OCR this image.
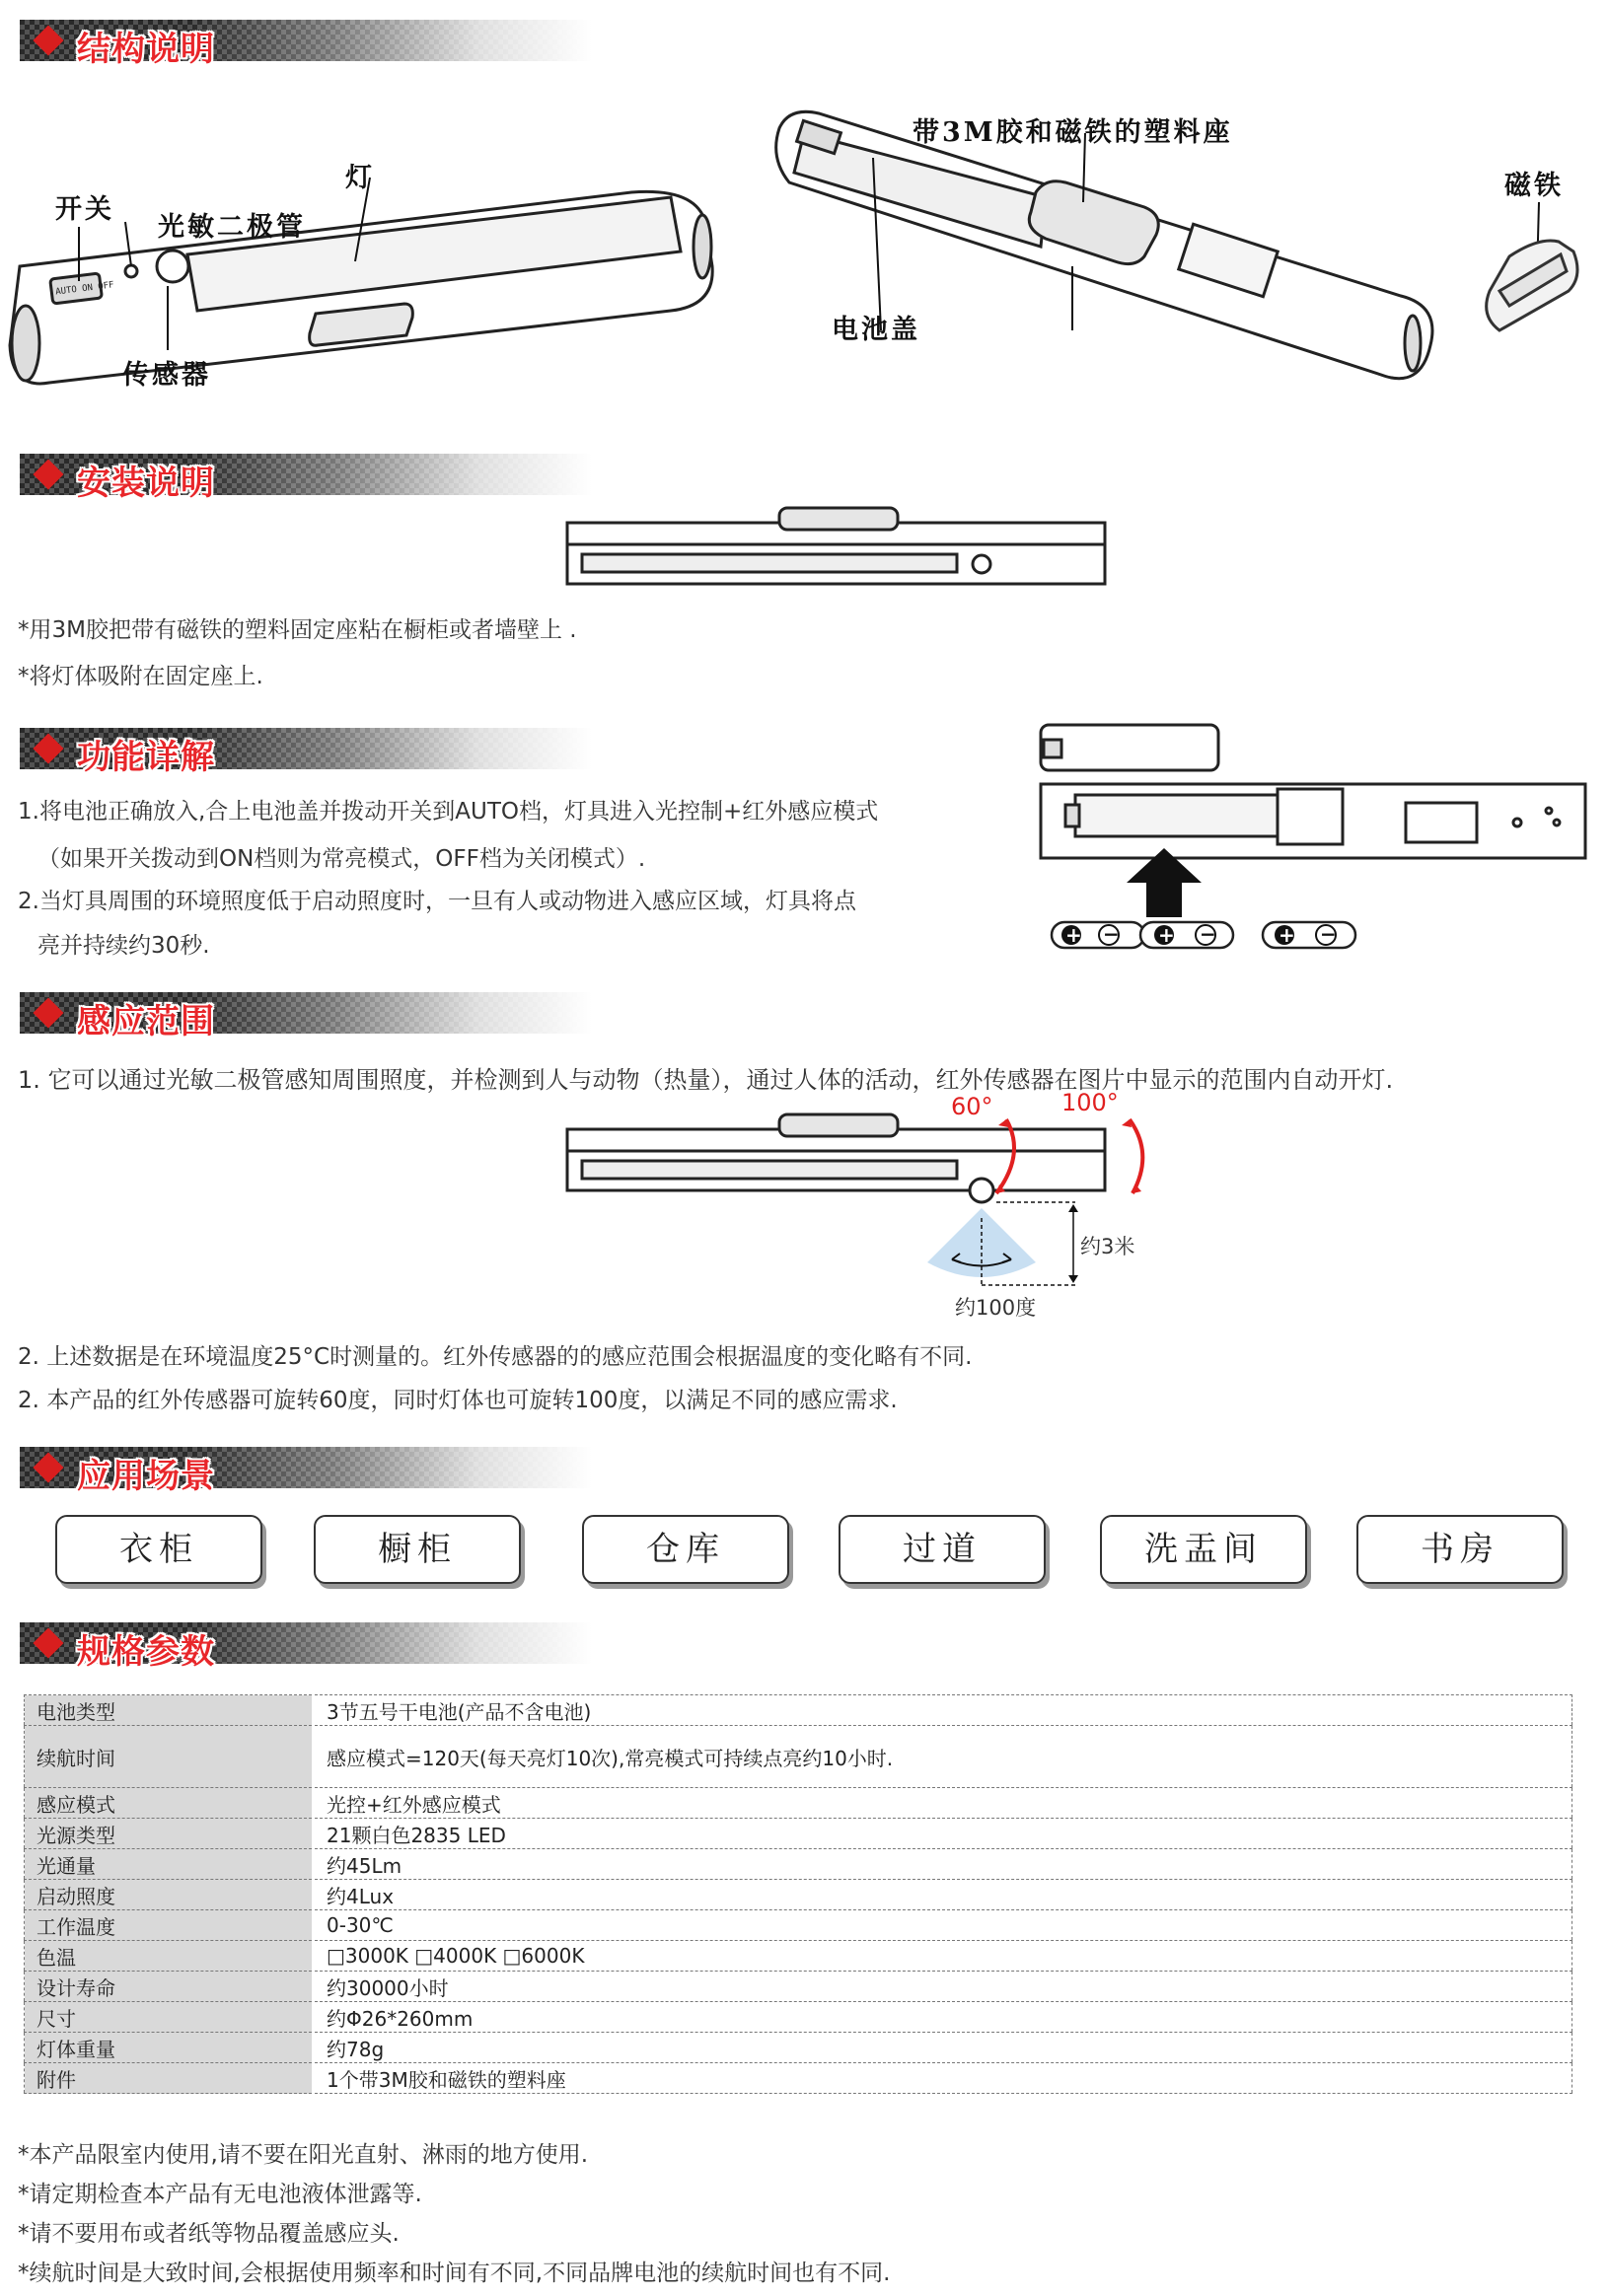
结构说明
AUTO ON OFF
开关
光敏二极管
灯
传感器
带3M胶和磁铁的塑料座
电池盖
磁铁
安装说明
*用3M胶把带有磁铁的塑料固定座粘在橱柜或者墙壁上 .
*将灯体吸附在固定座上.
功能详解
1.将电池正确放入,合上电池盖并拨动开关到AUTO档，灯具进入光控制+红外感应模式
（如果开关拨动到ON档则为常亮模式，OFF档为关闭模式）.
2.当灯具周围的环境照度低于启动照度时，一旦有人或动物进入感应区域，灯具将点
亮并持续约30秒.	+ − + −	+ −
感应范围
1. 它可以通过光敏二极管感知周围照度，并检测到人与动物（热量），通过人体的活动，红外传感器在图片中显示的范围内自动开灯.
60°	100°
约3米
约100度
2. 上述数据是在环境温度25°C时测量的。红外传感器的的感应范围会根据温度的变化略有不同.
2. 本产品的红外传感器可旋转60度，同时灯体也可旋转100度，以满足不同的感应需求.
应用场景
衣柜	橱柜	仓库	过道	洗盂间	书房
规格参数
电池类型	3节五号干电池(产品不含电池)
续航时间	感应模式=120天(每天亮灯10次),常亮模式可持续点亮约10小时.
感应模式	光控+红外感应模式
光源类型	21颗白色2835 LED
光通量	约45Lm
启动照度	约4Lux
工作温度	0-30℃
色温	□3000K □4000K □6000K
设计寿命	约30000小时
尺寸	约Φ26*260mm
灯体重量	约78g
附件	1个带3M胶和磁铁的塑料座
*本产品限室内使用,请不要在阳光直射、淋雨的地方使用.
*请定期检查本产品有无电池液体泄露等.
*请不要用布或者纸等物品覆盖感应头.
*续航时间是大致时间,会根据使用频率和时间有不同,不同品牌电池的续航时间也有不同.
